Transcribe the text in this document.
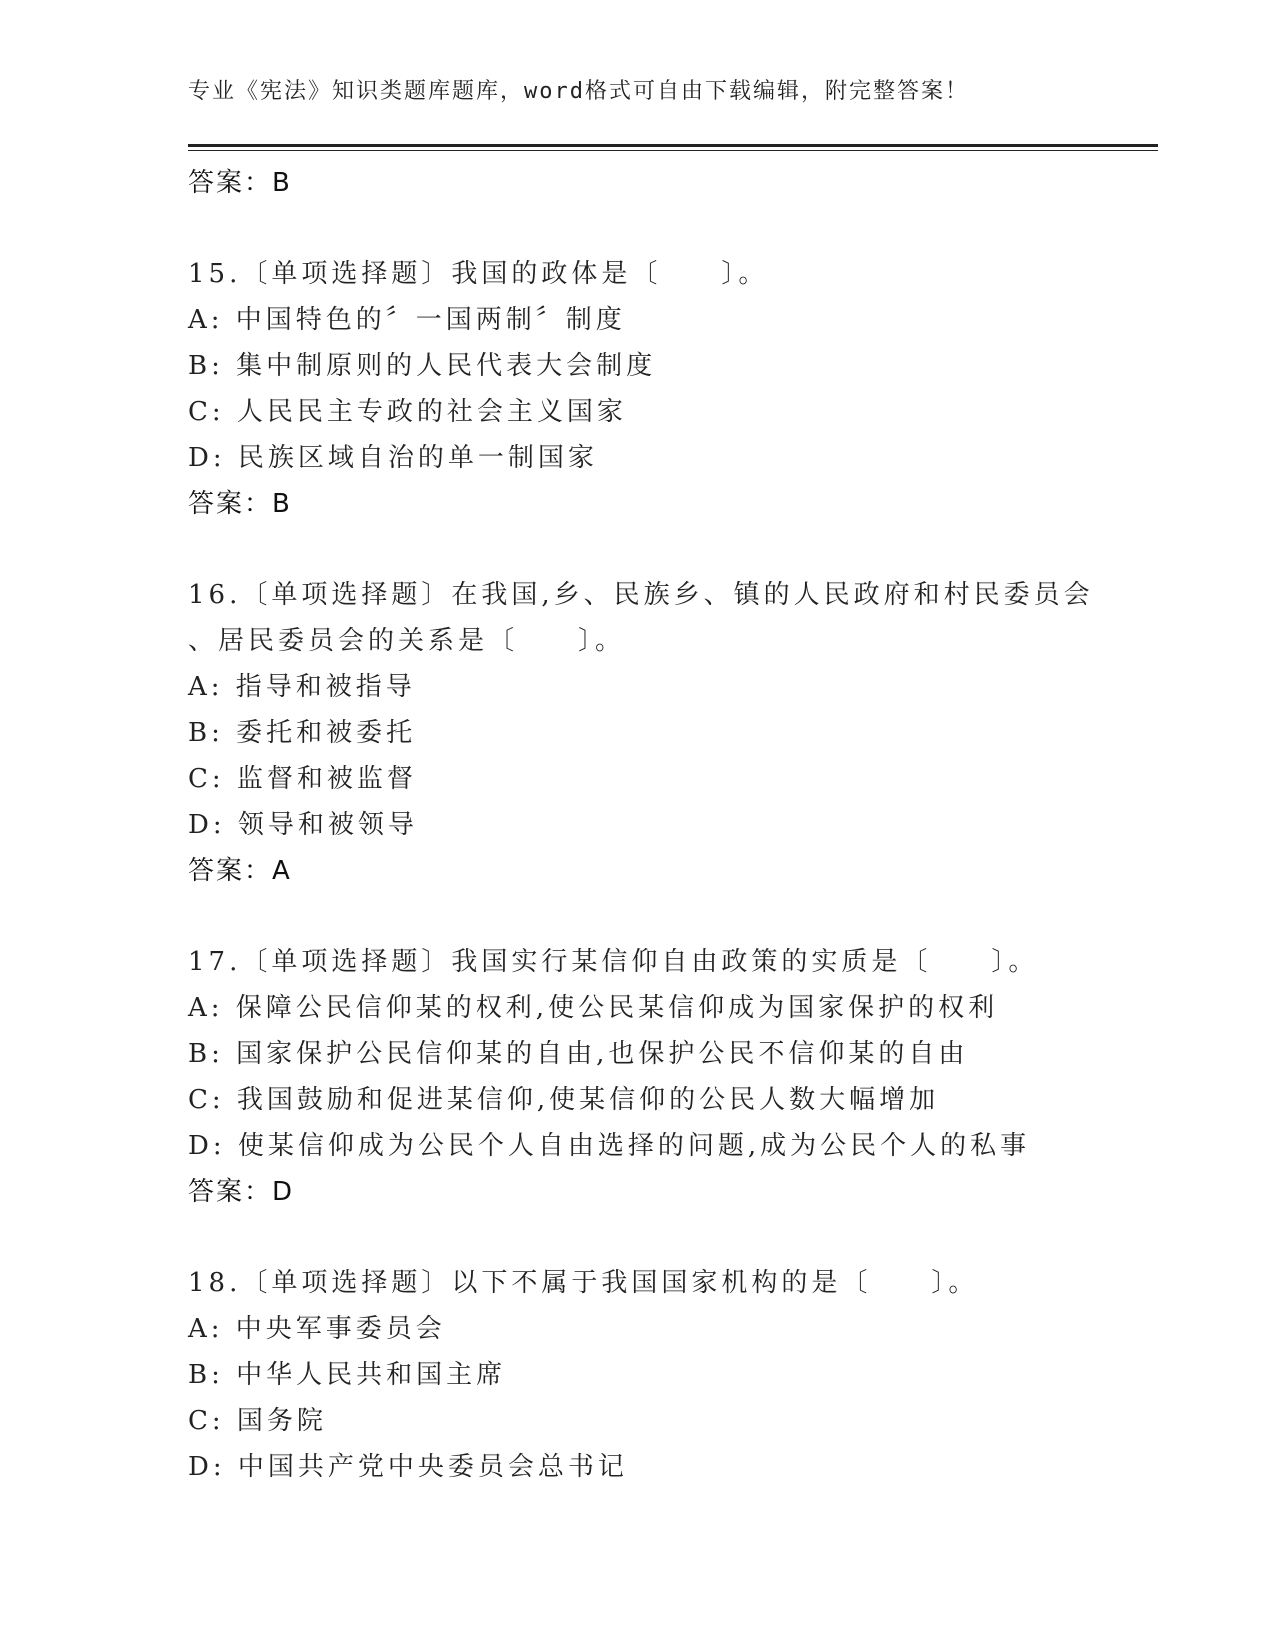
专业《宪法》知识类题库题库，word格式可自由下载编辑，附完整答案！
答案：B
15.〔单项选择题〕我国的政体是〔　　〕。
A: 中国特色的〞一国两制〞制度
B: 集中制原则的人民代表大会制度
C: 人民民主专政的社会主义国家
D: 民族区域自治的单一制国家
答案：B
16.〔单项选择题〕在我国,乡、民族乡、镇的人民政府和村民委员会
、居民委员会的关系是〔　　〕。
A: 指导和被指导
B: 委托和被委托
C: 监督和被监督
D: 领导和被领导
答案：A
17.〔单项选择题〕我国实行某信仰自由政策的实质是〔　　〕。
A: 保障公民信仰某的权利,使公民某信仰成为国家保护的权利
B: 国家保护公民信仰某的自由,也保护公民不信仰某的自由
C: 我国鼓励和促进某信仰,使某信仰的公民人数大幅增加
D: 使某信仰成为公民个人自由选择的问题,成为公民个人的私事
答案：D
18.〔单项选择题〕以下不属于我国国家机构的是〔　　〕。
A: 中央军事委员会
B: 中华人民共和国主席
C: 国务院
D: 中国共产党中央委员会总书记
